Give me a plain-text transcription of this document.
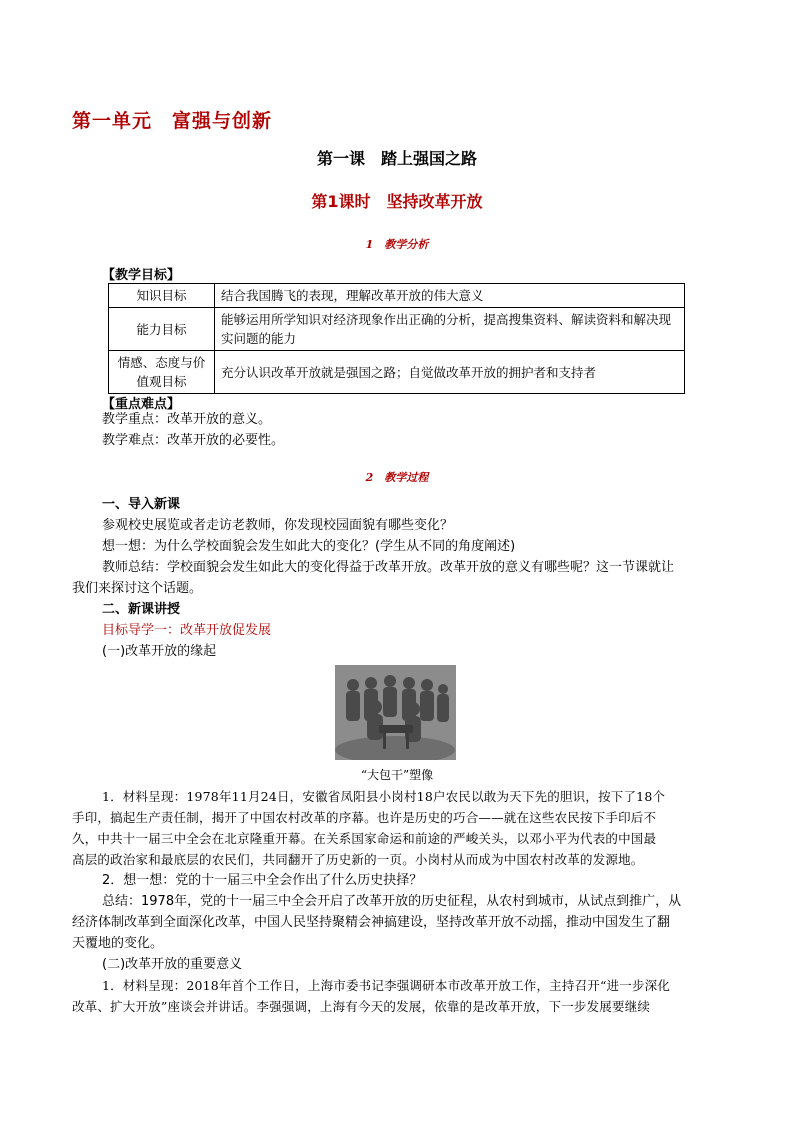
第一单元　富强与创新
第一课　踏上强国之路
第1课时　坚持改革开放
1　教学分析
【教学目标】
知识目标	结合我国腾飞的表现，理解改革开放的伟大意义
能力目标	能够运用所学知识对经济现象作出正确的分析，提高搜集资料、解读资料和解决现实问题的能力
情感、态度与价值观目标	充分认识改革开放就是强国之路；自觉做改革开放的拥护者和支持者
【重点难点】
教学重点：改革开放的意义。
教学难点：改革开放的必要性。
2　教学过程
一、导入新课
参观校史展览或者走访老教师，你发现校园面貌有哪些变化？
想一想：为什么学校面貌会发生如此大的变化？(学生从不同的角度阐述)
教师总结：学校面貌会发生如此大的变化得益于改革开放。改革开放的意义有哪些呢？这一节课就让
我们来探讨这个话题。
二、新课讲授
目标导学一：改革开放促发展
(一)改革开放的缘起
“大包干”塑像
1．材料呈现：1978年11月24日，安徽省凤阳县小岗村18户农民以敢为天下先的胆识，按下了18个
手印，搞起生产责任制，揭开了中国农村改革的序幕。也许是历史的巧合——就在这些农民按下手印后不
久，中共十一届三中全会在北京隆重开幕。在关系国家命运和前途的严峻关头，以邓小平为代表的中国最
高层的政治家和最底层的农民们，共同翻开了历史新的一页。小岗村从而成为中国农村改革的发源地。
2．想一想：党的十一届三中全会作出了什么历史抉择？
总结：1978年，党的十一届三中全会开启了改革开放的历史征程，从农村到城市，从试点到推广，从
经济体制改革到全面深化改革，中国人民坚持聚精会神搞建设，坚持改革开放不动摇，推动中国发生了翻
天覆地的变化。
(二)改革开放的重要意义
1．材料呈现：2018年首个工作日，上海市委书记李强调研本市改革开放工作，主持召开“进一步深化
改革、扩大开放”座谈会并讲话。李强强调，上海有今天的发展，依靠的是改革开放，下一步发展要继续
